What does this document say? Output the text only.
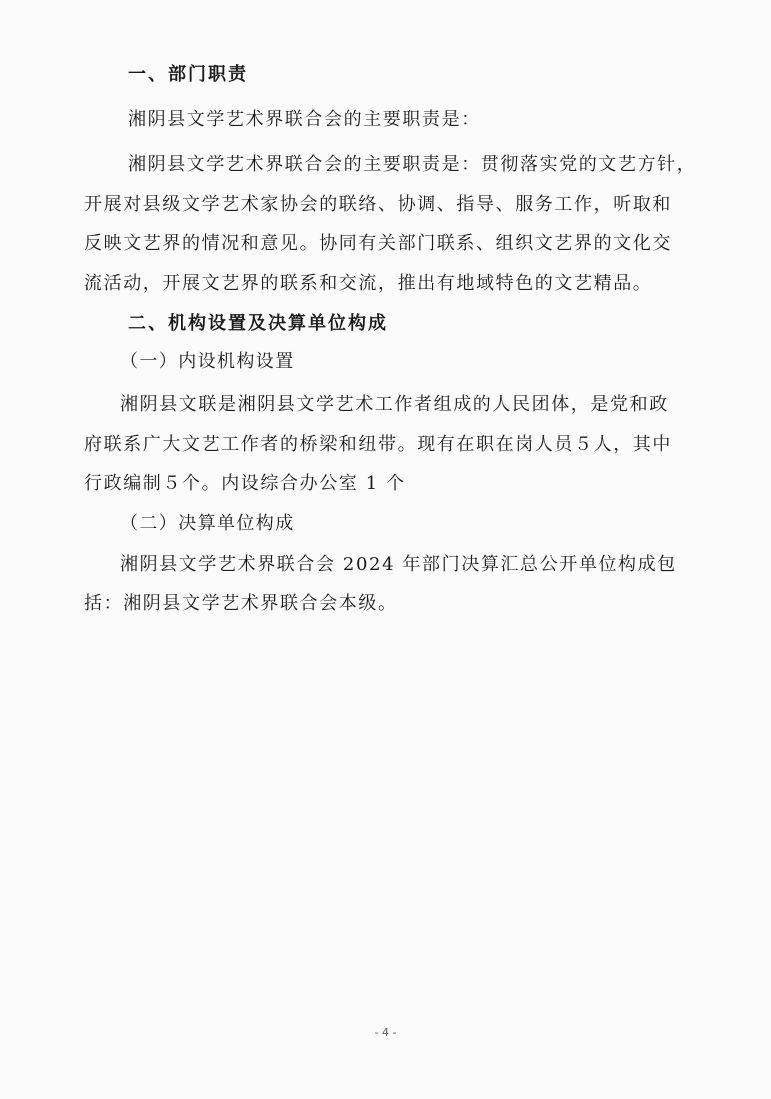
一、部门职责
湘阴县文学艺术界联合会的主要职责是：
湘阴县文学艺术界联合会的主要职责是：贯彻落实党的文艺方针，
开展对县级文学艺术家协会的联络、协调、指导、服务工作，听取和
反映文艺界的情况和意见。协同有关部门联系、组织文艺界的文化交
流活动，开展文艺界的联系和交流，推出有地域特色的文艺精品。
二、机构设置及决算单位构成
（一）内设机构设置
湘阴县文联是湘阴县文学艺术工作者组成的人民团体，是党和政
府联系广大文艺工作者的桥梁和纽带。现有在职在岗人员５人，其中
行政编制５个。内设综合办公室 1 个
（二）决算单位构成
湘阴县文学艺术界联合会 2024 年部门决算汇总公开单位构成包
括：湘阴县文学艺术界联合会本级。
- 4 -
